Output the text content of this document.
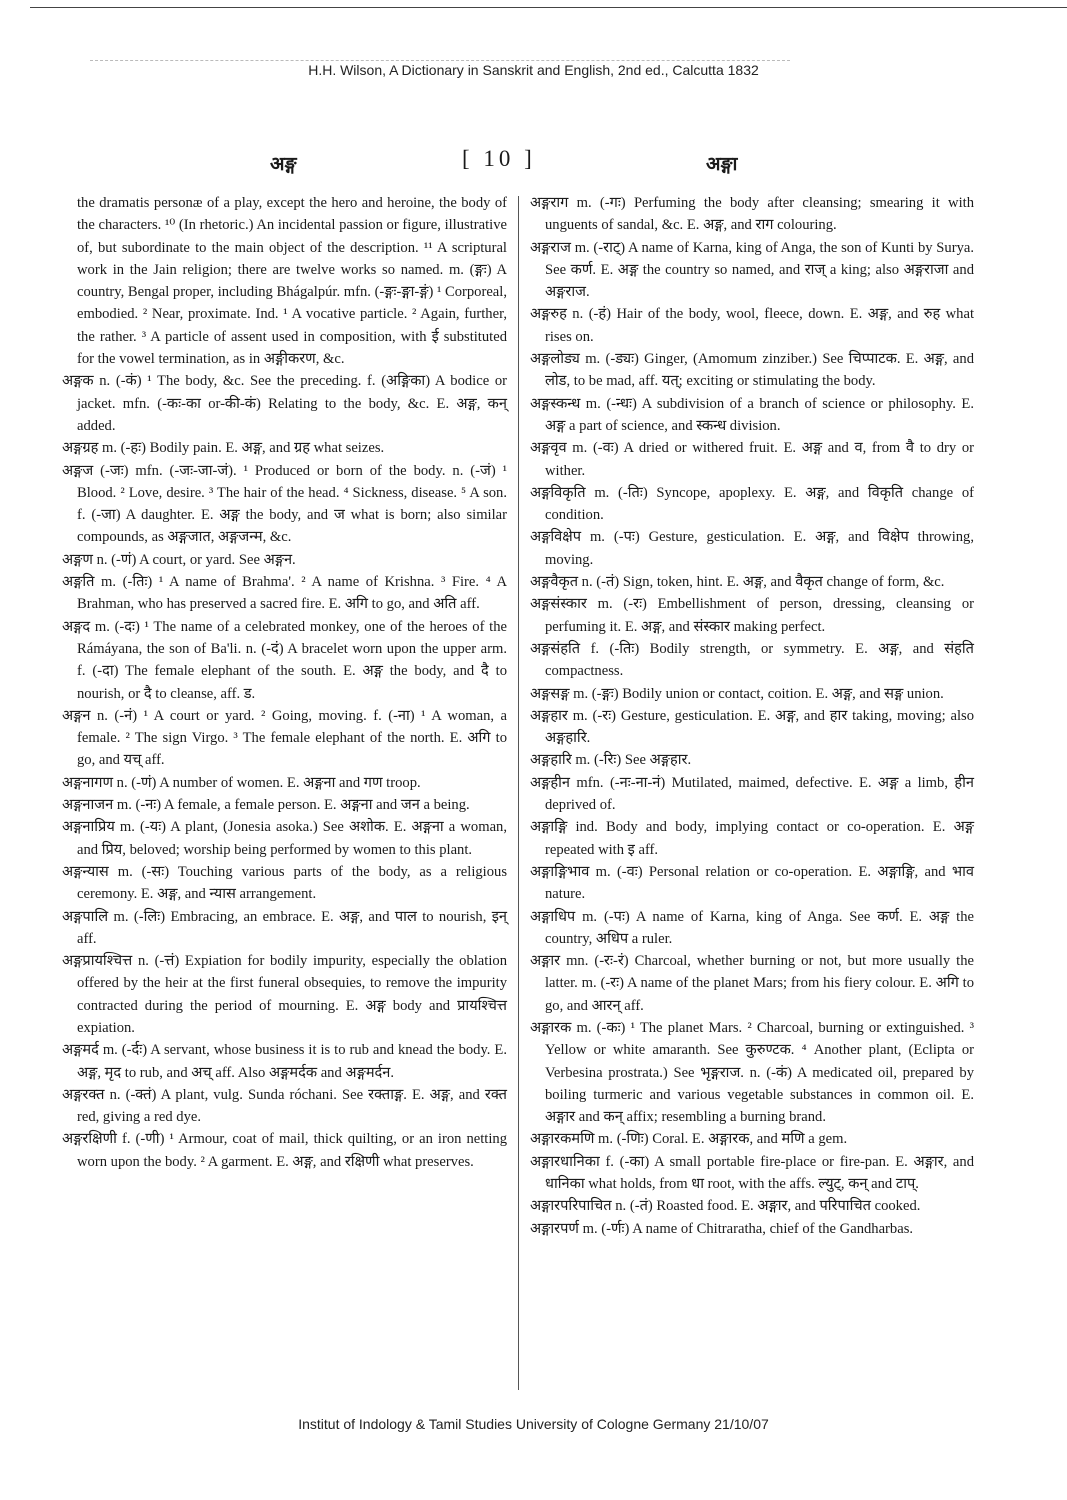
H.H. Wilson, A Dictionary in Sanskrit and English, 2nd ed., Calcutta 1832
अङ्ग	[ 10 ]	अङ्गा

the dramatis personæ of a play, except the hero and heroine, the body of the characters. ¹⁰ (In rhetoric.) An incidental passion or figure, illustrative of, but subordinate to the main object of the description. ¹¹ A scriptural work in the Jain religion; there are twelve works so named. m. (ङ्गः) A country, Bengal proper, including Bhágalpúr. mfn. (-ङ्गः-ङ्गा-ङ्गं) ¹ Corporeal, embodied. ² Near, proximate. Ind. ¹ A vocative particle. ² Again, further, the rather. ³ A particle of assent used in composition, with ई substituted for the vowel termination, as in अङ्गीकरण, &c.

अङ्गक n. (-कं) ¹ The body, &c. See the preceding. f. (अङ्गिका) A bodice or jacket. mfn. (-कः-का or-की-कं) Relating to the body, &c. E. अङ्ग, कन् added.

अङ्गग्रह m. (-हः) Bodily pain. E. अङ्ग, and ग्रह what seizes.

अङ्गज (-जः) mfn. (-जः-जा-जं). ¹ Produced or born of the body. n. (-जं) ¹ Blood. ² Love, desire. ³ The hair of the head. ⁴ Sickness, disease. ⁵ A son. f. (-जा) A daughter. E. अङ्ग the body, and ज what is born; also similar compounds, as अङ्गजात, अङ्गजन्म, &c.

अङ्गण n. (-णं) A court, or yard. See अङ्गन.

अङ्गति m. (-तिः) ¹ A name of Brahma'. ² A name of Krishna. ³ Fire. ⁴ A Brahman, who has preserved a sacred fire. E. अगि to go, and अति aff.

अङ्गद m. (-दः) ¹ The name of a celebrated monkey, one of the heroes of the Rámáyana, the son of Ba'li. n. (-दं) A bracelet worn upon the upper arm. f. (-दा) The female elephant of the south. E. अङ्ग the body, and दै to nourish, or दै to cleanse, aff. ड.

अङ्गन n. (-नं) ¹ A court or yard. ² Going, moving. f. (-ना) ¹ A woman, a female. ² The sign Virgo. ³ The female elephant of the north. E. अगि to go, and यच् aff.

अङ्गनागण n. (-णं) A number of women. E. अङ्गना and गण troop.

अङ्गनाजन m. (-नः) A female, a female person. E. अङ्गना and जन a being.

अङ्गनाप्रिय m. (-यः) A plant, (Jonesia asoka.) See अशोक. E. अङ्गना a woman, and प्रिय, beloved; worship being performed by women to this plant.

अङ्गन्यास m. (-सः) Touching various parts of the body, as a religious ceremony. E. अङ्ग, and न्यास arrangement.

अङ्गपालि m. (-लिः) Embracing, an embrace. E. अङ्ग, and पाल to nourish, इन् aff.

अङ्गप्रायश्चित्त n. (-त्तं) Expiation for bodily impurity, especially the oblation offered by the heir at the first funeral obsequies, to remove the impurity contracted during the period of mourning. E. अङ्ग body and प्रायश्चित्त expiation.

अङ्गमर्द m. (-र्दः) A servant, whose business it is to rub and knead the body. E. अङ्ग, मृद to rub, and अच् aff. Also अङ्गमर्दक and अङ्गमर्दन.

अङ्गरक्त n. (-क्तं) A plant, vulg. Sunda róchani. See रक्ताङ्ग. E. अङ्ग, and रक्त red, giving a red dye.

अङ्गरक्षिणी f. (-णी) ¹ Armour, coat of mail, thick quilting, or an iron netting worn upon the body. ² A garment. E. अङ्ग, and रक्षिणी what preserves.

अङ्गराग m. (-गः) Perfuming the body after cleansing; smearing it with unguents of sandal, &c. E. अङ्ग, and राग colouring.

अङ्गराज m. (-राट्) A name of Karna, king of Anga, the son of Kunti by Surya. See कर्ण. E. अङ्ग the country so named, and राज् a king; also अङ्गराजा and अङ्गराज.

अङ्गरुह n. (-हं) Hair of the body, wool, fleece, down. E. अङ्ग, and रुह what rises on.

अङ्गलोड्य m. (-ड्यः) Ginger, (Amomum zinziber.) See चिप्पाटक. E. अङ्ग, and लोड, to be mad, aff. यत्; exciting or stimulating the body.

अङ्गस्कन्ध m. (-न्धः) A subdivision of a branch of science or philosophy. E. अङ्ग a part of science, and स्कन्ध division.

अङ्गवृव m. (-वः) A dried or withered fruit. E. अङ्ग and व, from वै to dry or wither.

अङ्गविकृति m. (-तिः) Syncope, apoplexy. E. अङ्ग, and विकृति change of condition.

अङ्गविक्षेप m. (-पः) Gesture, gesticulation. E. अङ्ग, and विक्षेप throwing, moving.

अङ्गवैकृत n. (-तं) Sign, token, hint. E. अङ्ग, and वैकृत change of form, &c.

अङ्गसंस्कार m. (-रः) Embellishment of person, dressing, cleansing or perfuming it. E. अङ्ग, and संस्कार making perfect.

अङ्गसंहति f. (-तिः) Bodily strength, or symmetry. E. अङ्ग, and संहति compactness.

अङ्गसङ्ग m. (-ङ्गः) Bodily union or contact, coition. E. अङ्ग, and सङ्ग union.

अङ्गहार m. (-रः) Gesture, gesticulation. E. अङ्ग, and हार taking, moving; also अङ्गहारि.

अङ्गहारि m. (-रिः) See अङ्गहार.

अङ्गहीन mfn. (-नः-ना-नं) Mutilated, maimed, defective. E. अङ्ग a limb, हीन deprived of.

अङ्गाङ्गि ind. Body and body, implying contact or co-operation. E. अङ्ग repeated with इ aff.

अङ्गाङ्गिभाव m. (-वः) Personal relation or co-operation. E. अङ्गाङ्गि, and भाव nature.

अङ्गाधिप m. (-पः) A name of Karna, king of Anga. See कर्ण. E. अङ्ग the country, अधिप a ruler.

अङ्गार mn. (-रः-रं) Charcoal, whether burning or not, but more usually the latter. m. (-रः) A name of the planet Mars; from his fiery colour. E. अगि to go, and आरन् aff.

अङ्गारक m. (-कः) ¹ The planet Mars. ² Charcoal, burning or extinguished. ³ Yellow or white amaranth. See कुरुण्टक. ⁴ Another plant, (Eclipta or Verbesina prostrata.) See भृङ्गराज. n. (-कं) A medicated oil, prepared by boiling turmeric and various vegetable substances in common oil. E. अङ्गार and कन् affix; resembling a burning brand.

अङ्गारकमणि m. (-णिः) Coral. E. अङ्गारक, and मणि a gem.

अङ्गारधानिका f. (-का) A small portable fire-place or fire-pan. E. अङ्गार, and धानिका what holds, from धा root, with the affs. ल्युट्, कन् and टाप्.

अङ्गारपरिपाचित n. (-तं) Roasted food. E. अङ्गार, and परिपाचित cooked.

अङ्गारपर्ण m. (-र्णः) A name of Chitraratha, chief of the Gandharbas.

Institut of Indology & Tamil Studies University of Cologne Germany 21/10/07
